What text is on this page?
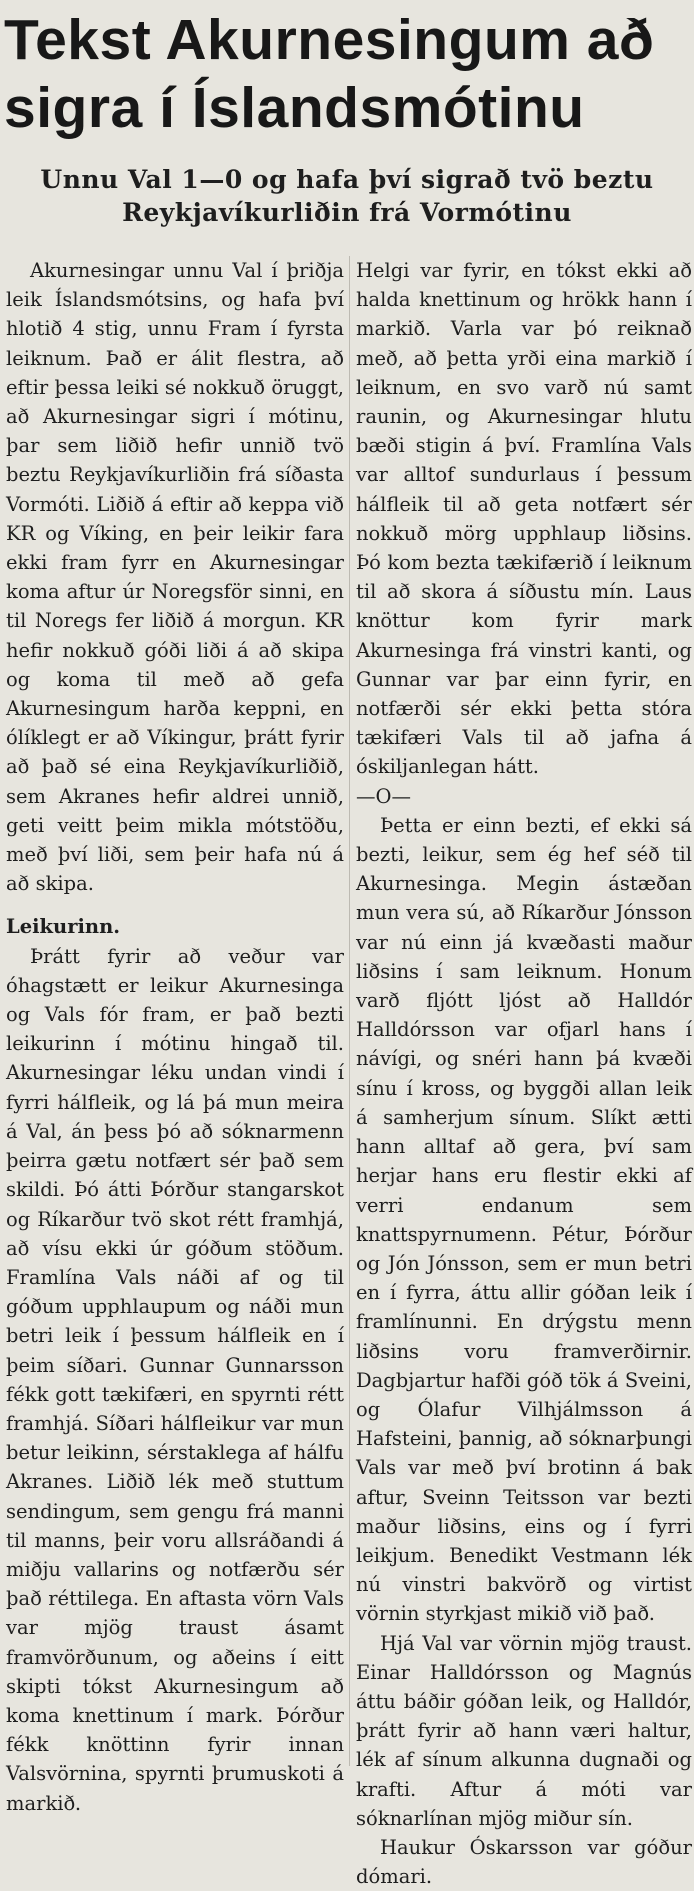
Tekst Akurnesingum að sigra í Íslandsmótinu
Unnu Val 1—0 og hafa því sigrað tvö beztu Reykjavíkurliðin frá Vormótinu

Akurnesingar unnu Val í þriðja leik Íslandsmótsins, og hafa því hlotið 4 stig, unnu Fram í fyrsta leiknum. Það er álit flestra, að eftir þessa leiki sé nokkuð öruggt, að Akurnesingar sigri í mótinu, þar sem liðið hefir unnið tvö beztu Reykjavíkurliðin frá síðasta Vormóti. Liðið á eftir að keppa við KR og Víking, en þeir leikir fara ekki fram fyrr en Akurnesingar koma aftur úr Noregsför sinni, en til Noregs fer liðið á morgun. KR hefir nokkuð góði liði á að skipa og koma til með að gefa Akurnesingum harða keppni, en ólíklegt er að Víkingur, þrátt fyrir að það sé eina Reykjavíkurliðið, sem Akranes hefir aldrei unnið, geti veitt þeim mikla mótstöðu, með því liði, sem þeir hafa nú á að skipa.

Leikurinn.

Þrátt fyrir að veður var óhagstætt er leikur Akurnesinga og Vals fór fram, er það bezti leikurinn í mótinu hingað til. Akurnesingar léku undan vindi í fyrri hálfleik, og lá þá mun meira á Val, án þess þó að sóknarmenn þeirra gætu notfært sér það sem skildi. Þó átti Þórður stangarskot og Ríkarður tvö skot rétt framhjá, að vísu ekki úr góðum stöðum. Framlína Vals náði af og til góðum upphlaupum og náði mun betri leik í þessum hálfleik en í þeim síðari. Gunnar Gunnarsson fékk gott tækifæri, en spyrnti rétt framhjá. Síðari hálfleikur var mun betur leikinn, sérstaklega af hálfu Akranes. Liðið lék með stuttum sendingum, sem gengu frá manni til manns, þeir voru allsráðandi á miðju vallarins og notfærðu sér það réttilega. En aftasta vörn Vals var mjög traust ásamt framvörðunum, og aðeins í eitt skipti tókst Akurnesingum að koma knettinum í mark. Þórður fékk knöttinn fyrir innan Valsvörnina, spyrnti þrumuskoti á markið.

Helgi var fyrir, en tókst ekki að halda knettinum og hrökk hann í markið. Varla var þó reiknað með, að þetta yrði eina markið í leiknum, en svo varð nú samt raunin, og Akurnesingar hlutu bæði stigin á því. Framlína Vals var alltof sundurlaus í þessum hálfleik til að geta notfært sér nokkuð mörg upphlaup liðsins. Þó kom bezta tækifærið í leiknum til að skora á síðustu mín. Laus knöttur kom fyrir mark Akurnesinga frá vinstri kanti, og Gunnar var þar einn fyrir, en notfærði sér ekki þetta stóra tækifæri Vals til að jafna á óskiljanlegan hátt.

—O—

Þetta er einn bezti, ef ekki sá bezti, leikur, sem ég hef séð til Akurnesinga. Megin ástæðan mun vera sú, að Ríkarður Jónsson var nú einn já kvæðasti maður liðsins í sam leiknum. Honum varð fljótt ljóst að Halldór Halldórsson var ofjarl hans í návígi, og snéri hann þá kvæði sínu í kross, og byggði allan leik á samherjum sínum. Slíkt ætti hann alltaf að gera, því sam herjar hans eru flestir ekki af verri endanum sem knattspyrnumenn. Pétur, Þórður og Jón Jónsson, sem er mun betri en í fyrra, áttu allir góðan leik í framlínunni. En drýgstu menn liðsins voru framverðirnir. Dagbjartur hafði góð tök á Sveini, og Ólafur Vilhjálmsson á Hafsteini, þannig, að sóknarþungi Vals var með því brotinn á bak aftur, Sveinn Teitsson var bezti maður liðsins, eins og í fyrri leikjum. Benedikt Vestmann lék nú vinstri bakvörð og virtist vörnin styrkjast mikið við það.

Hjá Val var vörnin mjög traust. Einar Halldórsson og Magnús áttu báðir góðan leik, og Halldór, þrátt fyrir að hann væri haltur, lék af sínum alkunna dugnaði og krafti. Aftur á móti var sóknarlínan mjög miður sín.

Haukur Óskarsson var góður dómari.
